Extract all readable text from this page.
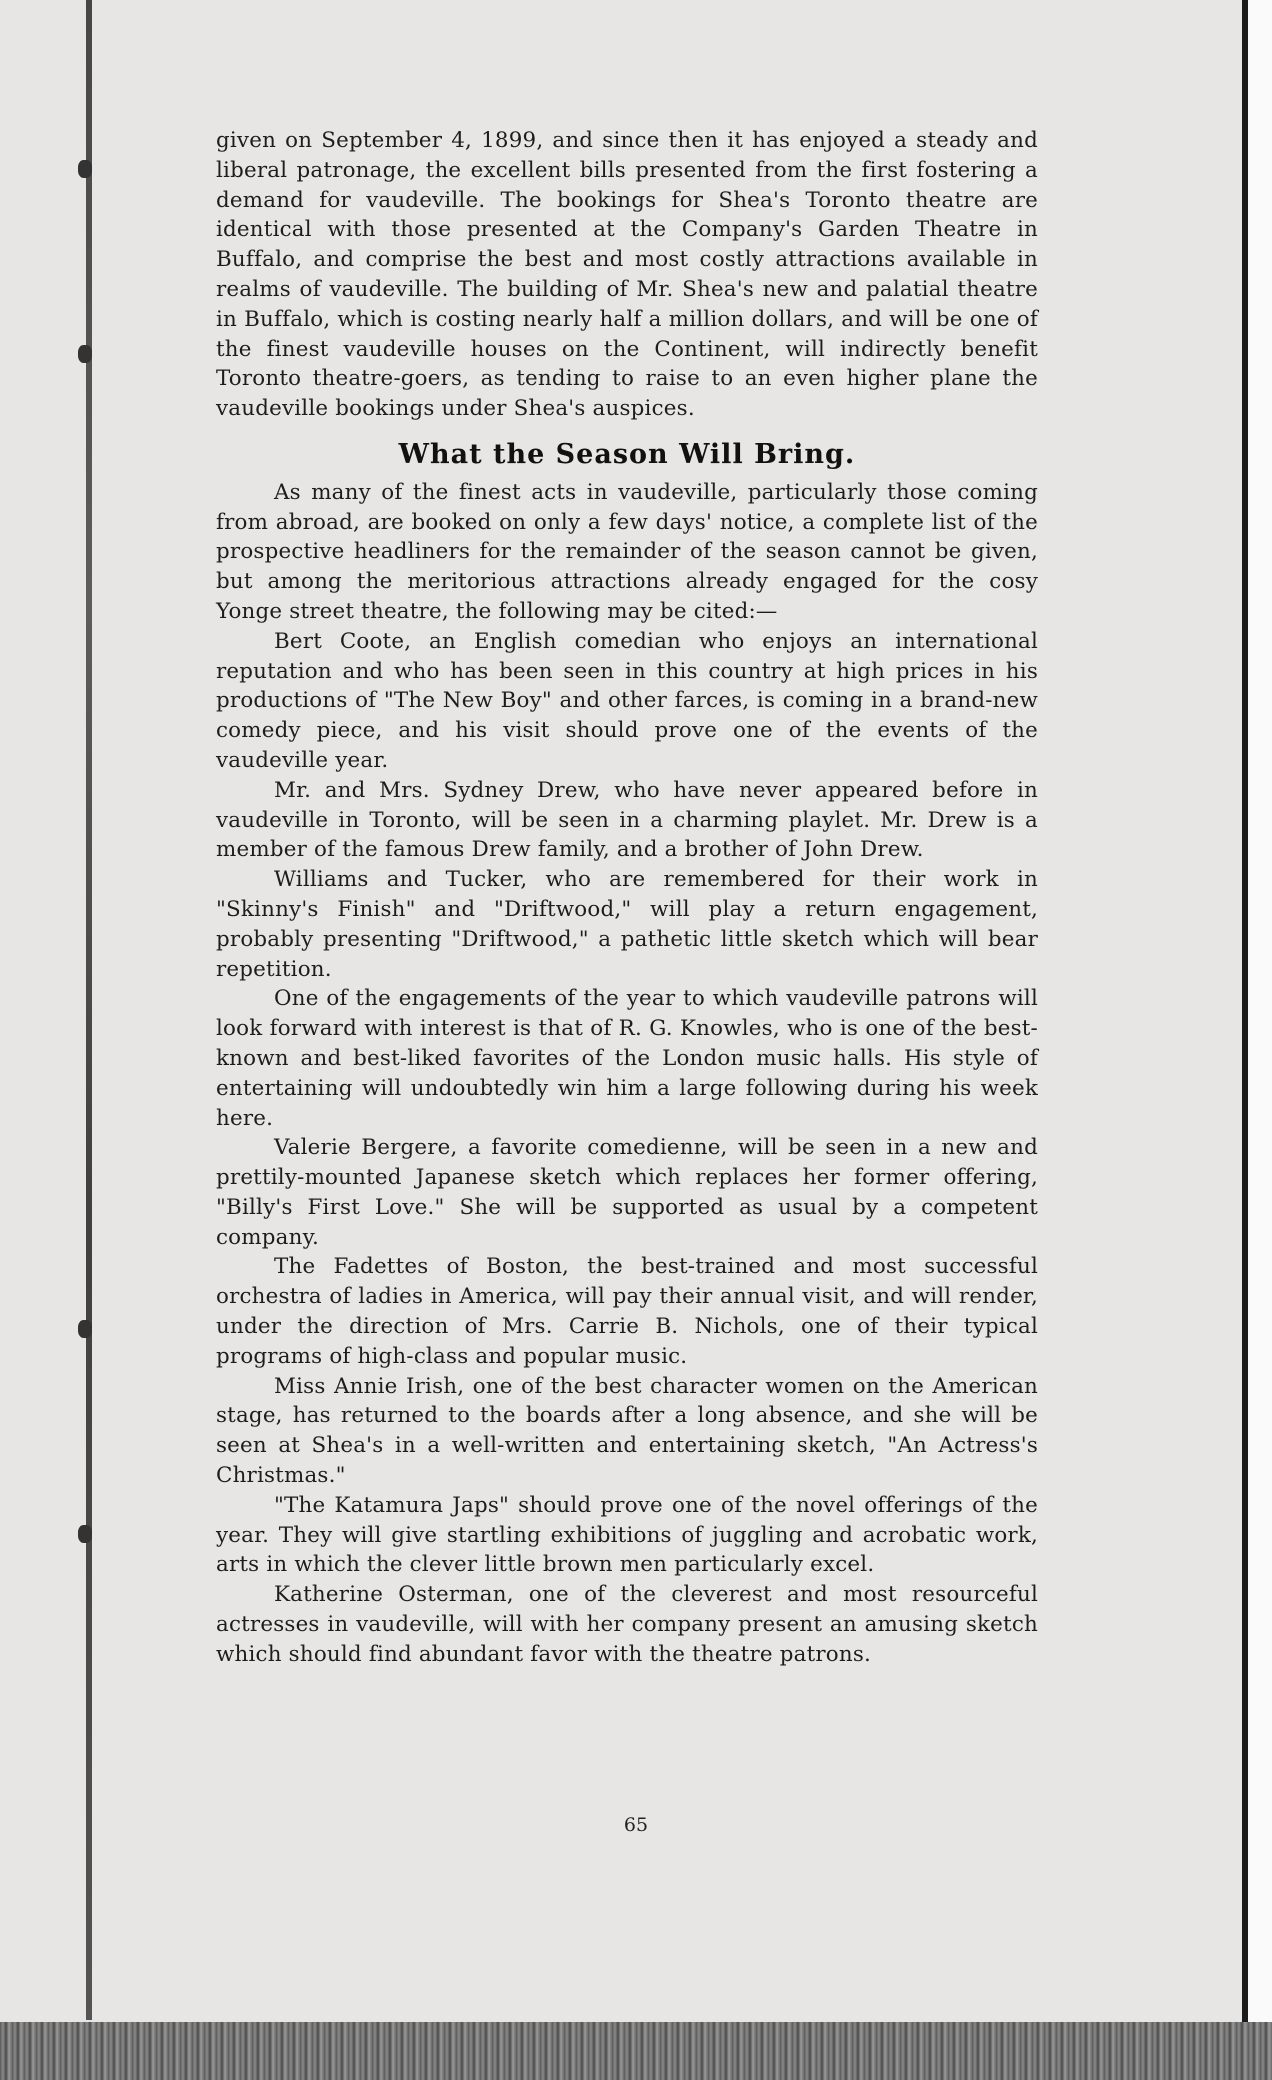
given on September 4, 1899, and since then it has enjoyed a steady and liberal patronage, the excellent bills presented from the first fostering a demand for vaudeville. The bookings for Shea's Toronto theatre are identical with those presented at the Company's Garden Theatre in Buffalo, and comprise the best and most costly attractions available in realms of vaudeville. The building of Mr. Shea's new and palatial theatre in Buffalo, which is costing nearly half a million dollars, and will be one of the finest vaudeville houses on the Continent, will indirectly benefit Toronto theatre-goers, as tending to raise to an even higher plane the vaudeville bookings under Shea's auspices.

What the Season Will Bring.

As many of the finest acts in vaudeville, particularly those coming from abroad, are booked on only a few days' notice, a complete list of the prospective headliners for the remainder of the season cannot be given, but among the meritorious attractions already engaged for the cosy Yonge street theatre, the following may be cited:—

Bert Coote, an English comedian who enjoys an international reputation and who has been seen in this country at high prices in his productions of "The New Boy" and other farces, is coming in a brand-new comedy piece, and his visit should prove one of the events of the vaudeville year.

Mr. and Mrs. Sydney Drew, who have never appeared before in vaudeville in Toronto, will be seen in a charming playlet. Mr. Drew is a member of the famous Drew family, and a brother of John Drew.

Williams and Tucker, who are remembered for their work in "Skinny's Finish" and "Driftwood," will play a return engagement, probably presenting "Driftwood," a pathetic little sketch which will bear repetition.

One of the engagements of the year to which vaudeville patrons will look forward with interest is that of R. G. Knowles, who is one of the best-known and best-liked favorites of the London music halls. His style of entertaining will undoubtedly win him a large following during his week here.

Valerie Bergere, a favorite comedienne, will be seen in a new and prettily-mounted Japanese sketch which replaces her former offering, "Billy's First Love." She will be supported as usual by a competent company.

The Fadettes of Boston, the best-trained and most successful orchestra of ladies in America, will pay their annual visit, and will render, under the direction of Mrs. Carrie B. Nichols, one of their typical programs of high-class and popular music.

Miss Annie Irish, one of the best character women on the American stage, has returned to the boards after a long absence, and she will be seen at Shea's in a well-written and entertaining sketch, "An Actress's Christmas."

"The Katamura Japs" should prove one of the novel offerings of the year. They will give startling exhibitions of juggling and acrobatic work, arts in which the clever little brown men particularly excel.

Katherine Osterman, one of the cleverest and most resourceful actresses in vaudeville, will with her company present an amusing sketch which should find abundant favor with the theatre patrons.

65
